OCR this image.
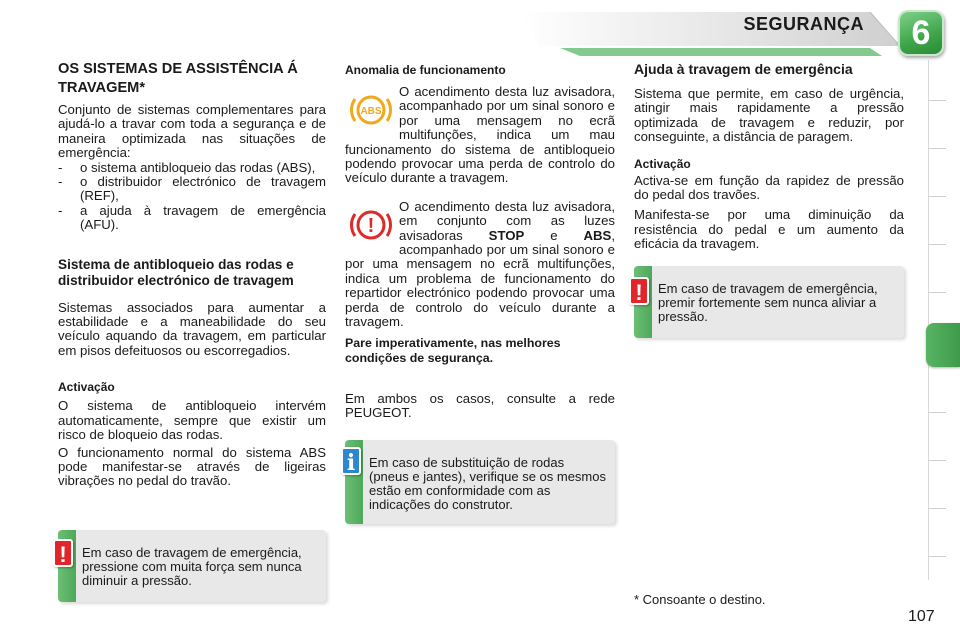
SEGURANÇA	6
OS SISTEMAS DE ASSISTÊNCIA Á TRAVAGEM*

Conjunto de sistemas complementares para ajudá-lo a travar com toda a segurança e de maneira optimizada nas situações de emergência:

- o sistema antibloqueio das rodas (ABS),
- o distribuidor electrónico de travagem (REF),
- a ajuda à travagem de emergência (AFU).
Sistema de antibloqueio das rodas e distribuidor electrónico de travagem

Sistemas associados para aumentar a estabilidade e a maneabilidade do seu veículo aquando da travagem, em particular em pisos defeituosos ou escorregadios.

Activação

O sistema de antibloqueio intervém automaticamente, sempre que existir um risco de bloqueio das rodas.

O funcionamento normal do sistema ABS pode manifestar-se através de ligeiras vibrações no pedal do travão.

Em caso de travagem de emergência, pressione com muita força sem nunca diminuir a pressão.
!
Anomalia de funcionamento
ABS

O acendimento desta luz avisadora, acompanhado por um sinal sonoro e por uma mensagem no ecrã multifunções, indica um mau funcionamento do sistema de antibloqueio podendo provocar uma perda de controlo do veículo durante a travagem.

!

O acendimento desta luz avisadora, em conjunto com as luzes avisadoras STOP e ABS, acompanhado por um sinal sonoro e por uma mensagem no ecrã multifunções, indica um problema de funcionamento do repartidor electrónico podendo provocar uma perda de controlo do veículo durante a travagem.

Pare imperativamente, nas melhores condições de segurança.

Em ambos os casos, consulte a rede PEUGEOT.

Em caso de substituição de rodas (pneus e jantes), verifique se os mesmos estão em conformidade com as indicações do construtor.
i
Ajuda à travagem de emergência

Sistema que permite, em caso de urgência, atingir mais rapidamente a pressão optimizada de travagem e reduzir, por conseguinte, a distância de paragem.

Activação

Activa-se em função da rapidez de pressão do pedal dos travões.

Manifesta-se por uma diminuição da resistência do pedal e um aumento da eficácia da travagem.

Em caso de travagem de emergência, premir fortemente sem nunca aliviar a pressão.
!
* Consoante o destino.
107
